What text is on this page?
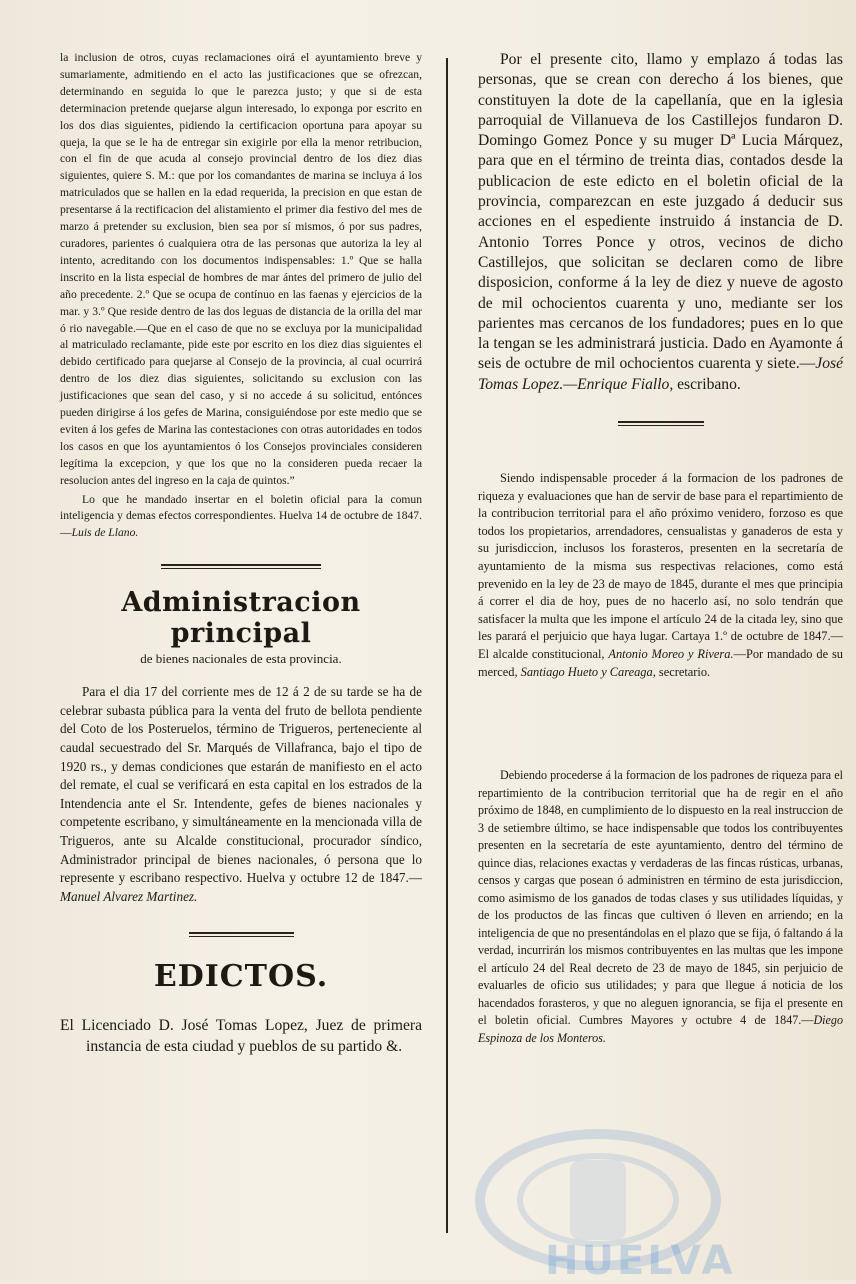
la inclusion de otros, cuyas reclamaciones oirá el ayuntamiento breve y sumariamente, admitiendo en el acto las justificaciones que se ofrezcan, determinando en seguida lo que le parezca justo; y que si de esta determinacion pretende quejarse algun interesado, lo exponga por escrito en los dos dias siguientes, pidiendo la certificacion oportuna para apoyar su queja, la que se le ha de entregar sin exigirle por ella la menor retribucion, con el fin de que acuda al consejo provincial dentro de los diez dias siguientes, quiere S. M.: que por los comandantes de marina se incluya á los matriculados que se hallen en la edad requerida, la precision en que estan de presentarse á la rectificacion del alistamiento el primer dia festivo del mes de marzo á pretender su exclusion, bien sea por sí mismos, ó por sus padres, curadores, parientes ó cualquiera otra de las personas que autoriza la ley al intento, acreditando con los documentos indispensables: 1.º Que se halla inscrito en la lista especial de hombres de mar ántes del primero de julio del año precedente. 2.º Que se ocupa de contínuo en las faenas y ejercicios de la mar. y 3.º Que reside dentro de las dos leguas de distancia de la orilla del mar ó rio navegable.—Que en el caso de que no se excluya por la municipalidad al matriculado reclamante, pide este por escrito en los diez dias siguientes el debido certificado para quejarse al Consejo de la provincia, al cual ocurrirá dentro de los diez dias siguientes, solicitando su exclusion con las justificaciones que sean del caso, y si no accede á su solicitud, entónces pueden dirigirse á los gefes de Marina, consiguiéndose por este medio que se eviten á los gefes de Marina las contestaciones con otras autoridades en todos los casos en que los ayuntamientos ó los Consejos provinciales consideren legítima la excepcion, y que los que no la consideren pueda recaer la resolucion antes del ingreso en la caja de quintos.”

Lo que he mandado insertar en el boletin oficial para la comun inteligencia y demas efectos correspondientes. Huelva 14 de octubre de 1847.—Luis de Llano.

Administracion principal
de bienes nacionales de esta provincia.

Para el dia 17 del corriente mes de 12 á 2 de su tarde se ha de celebrar subasta pública para la venta del fruto de bellota pendiente del Coto de los Posteruelos, término de Trigueros, perteneciente al caudal secuestrado del Sr. Marqués de Villafranca, bajo el tipo de 1920 rs., y demas condiciones que estarán de manifiesto en el acto del remate, el cual se verificará en esta capital en los estrados de la Intendencia ante el Sr. Intendente, gefes de bienes nacionales y competente escribano, y simultáneamente en la mencionada villa de Trigueros, ante su Alcalde constitucional, procurador síndico, Administrador principal de bienes nacionales, ó persona que lo represente y escribano respectivo. Huelva y octubre 12 de 1847.—Manuel Alvarez Martinez.

EDICTOS.

El Licenciado D. José Tomas Lopez, Juez de primera instancia de esta ciudad y pueblos de su partido &.

Por el presente cito, llamo y emplazo á todas las personas, que se crean con derecho á los bienes, que constituyen la dote de la capellanía, que en la iglesia parroquial de Villanueva de los Castillejos fundaron D. Domingo Gomez Ponce y su muger Dª Lucia Márquez, para que en el término de treinta dias, contados desde la publicacion de este edicto en el boletin oficial de la provincia, comparezcan en este juzgado á deducir sus acciones en el espediente instruido á instancia de D. Antonio Torres Ponce y otros, vecinos de dicho Castillejos, que solicitan se declaren como de libre disposicion, conforme á la ley de diez y nueve de agosto de mil ochocientos cuarenta y uno, mediante ser los parientes mas cercanos de los fundadores; pues en lo que la tengan se les administrará justicia. Dado en Ayamonte á seis de octubre de mil ochocientos cuarenta y siete.—José Tomas Lopez.—Enrique Fiallo, escribano.

Siendo indispensable proceder á la formacion de los padrones de riqueza y evaluaciones que han de servir de base para el repartimiento de la contribucion territorial para el año próximo venidero, forzoso es que todos los propietarios, arrendadores, censualistas y ganaderos de esta y su jurisdiccion, inclusos los forasteros, presenten en la secretaría de ayuntamiento de la misma sus respectivas relaciones, como está prevenido en la ley de 23 de mayo de 1845, durante el mes que principia á correr el dia de hoy, pues de no hacerlo así, no solo tendrán que satisfacer la multa que les impone el artículo 24 de la citada ley, sino que les parará el perjuicio que haya lugar. Cartaya 1.º de octubre de 1847.—El alcalde constitucional, Antonio Moreo y Rivera.—Por mandado de su merced, Santiago Hueto y Careaga, secretario.

Debiendo procederse á la formacion de los padrones de riqueza para el repartimiento de la contribucion territorial que ha de regir en el año próximo de 1848, en cumplimiento de lo dispuesto en la real instruccion de 3 de setiembre último, se hace indispensable que todos los contribuyentes presenten en la secretaría de este ayuntamiento, dentro del término de quince dias, relaciones exactas y verdaderas de las fincas rústicas, urbanas, censos y cargas que posean ó administren en término de esta jurisdiccion, como asimismo de los ganados de todas clases y sus utilidades líquidas, y de los productos de las fincas que cultiven ó lleven en arriendo; en la inteligencia de que no presentándolas en el plazo que se fija, ó faltando á la verdad, incurrirán los mismos contribuyentes en las multas que les impone el artículo 24 del Real decreto de 23 de mayo de 1845, sin perjuicio de evaluarles de oficio sus utilidades; y para que llegue á noticia de los hacendados forasteros, y que no aleguen ignorancia, se fija el presente en el boletin oficial. Cumbres Mayores y octubre 4 de 1847.—Diego Espinoza de los Monteros.

HUELVA
